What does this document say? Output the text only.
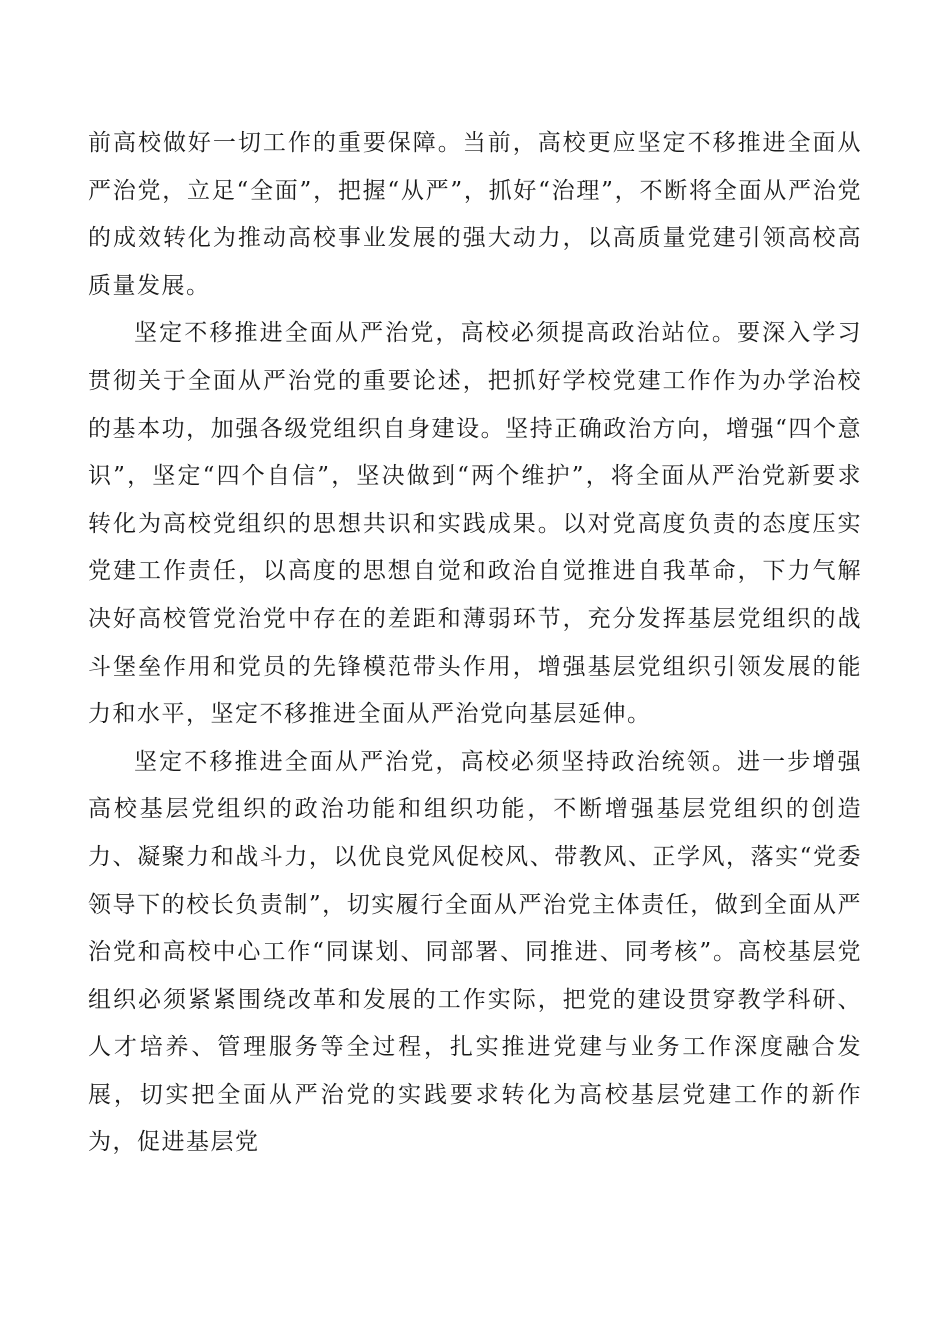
前高校做好一切工作的重要保障。当前，高校更应坚定不移推进全面从严治党，立足“全面”，把握“从严”，抓好“治理”，不断将全面从严治党的成效转化为推动高校事业发展的强大动力，以高质量党建引领高校高质量发展。

坚定不移推进全面从严治党，高校必须提高政治站位。要深入学习贯彻关于全面从严治党的重要论述，把抓好学校党建工作作为办学治校的基本功，加强各级党组织自身建设。坚持正确政治方向，增强“四个意识”，坚定“四个自信”，坚决做到“两个维护”，将全面从严治党新要求转化为高校党组织的思想共识和实践成果。以对党高度负责的态度压实党建工作责任，以高度的思想自觉和政治自觉推进自我革命，下力气解决好高校管党治党中存在的差距和薄弱环节，充分发挥基层党组织的战斗堡垒作用和党员的先锋模范带头作用，增强基层党组织引领发展的能力和水平，坚定不移推进全面从严治党向基层延伸。

坚定不移推进全面从严治党，高校必须坚持政治统领。进一步增强高校基层党组织的政治功能和组织功能，不断增强基层党组织的创造力、凝聚力和战斗力，以优良党风促校风、带教风、正学风，落实“党委领导下的校长负责制”，切实履行全面从严治党主体责任，做到全面从严治党和高校中心工作“同谋划、同部署、同推进、同考核”。高校基层党组织必须紧紧围绕改革和发展的工作实际，把党的建设贯穿教学科研、人才培养、管理服务等全过程，扎实推进党建与业务工作深度融合发展，切实把全面从严治党的实践要求转化为高校基层党建工作的新作为，促进基层党
